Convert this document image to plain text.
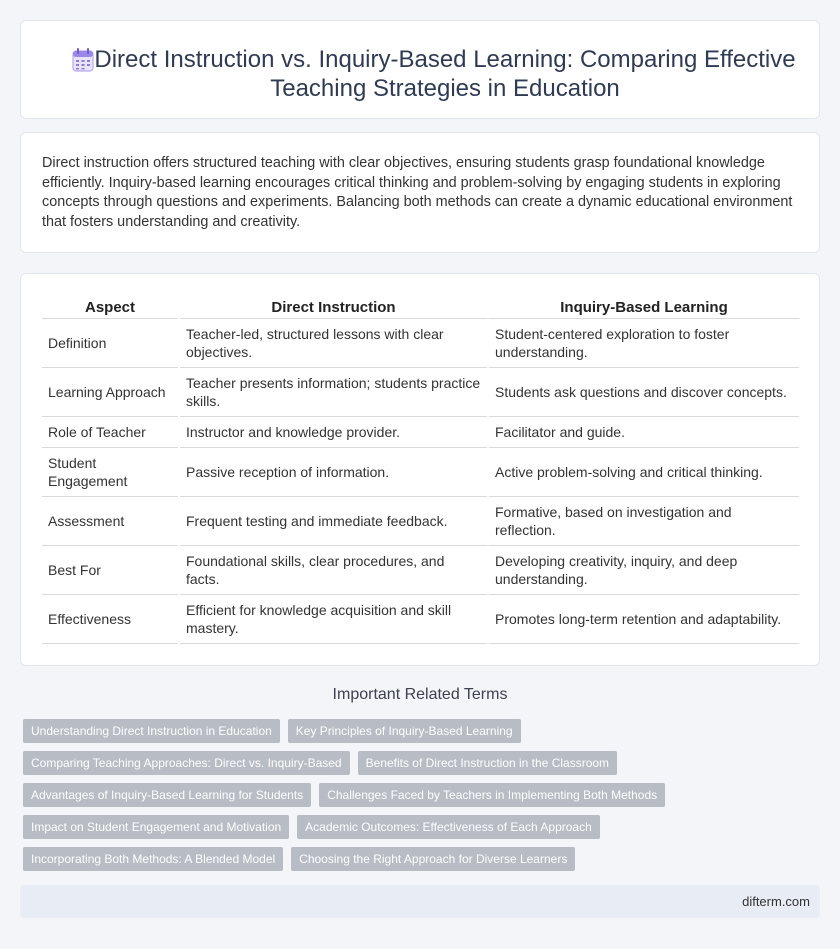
Direct Instruction vs. Inquiry-Based Learning: Comparing Effective Teaching Strategies in Education

Direct instruction offers structured teaching with clear objectives, ensuring students grasp foundational knowledge efficiently. Inquiry-based learning encourages critical thinking and problem-solving by engaging students in exploring concepts through questions and experiments. Balancing both methods can create a dynamic educational environment that fosters understanding and creativity.

Aspect	Direct Instruction	Inquiry-Based Learning
Definition	Teacher-led, structured lessons with clear objectives.	Student-centered exploration to foster understanding.
Learning Approach	Teacher presents information; students practice skills.	Students ask questions and discover concepts.
Role of Teacher	Instructor and knowledge provider.	Facilitator and guide.
Student Engagement	Passive reception of information.	Active problem-solving and critical thinking.
Assessment	Frequent testing and immediate feedback.	Formative, based on investigation and reflection.
Best For	Foundational skills, clear procedures, and facts.	Developing creativity, inquiry, and deep understanding.
Effectiveness	Efficient for knowledge acquisition and skill mastery.	Promotes long-term retention and adaptability.
Important Related Terms
Understanding Direct Instruction in Education	Key Principles of Inquiry-Based Learning
Comparing Teaching Approaches: Direct vs. Inquiry-Based	Benefits of Direct Instruction in the Classroom
Advantages of Inquiry-Based Learning for Students	Challenges Faced by Teachers in Implementing Both Methods
Impact on Student Engagement and Motivation	Academic Outcomes: Effectiveness of Each Approach
Incorporating Both Methods: A Blended Model	Choosing the Right Approach for Diverse Learners
difterm.com
